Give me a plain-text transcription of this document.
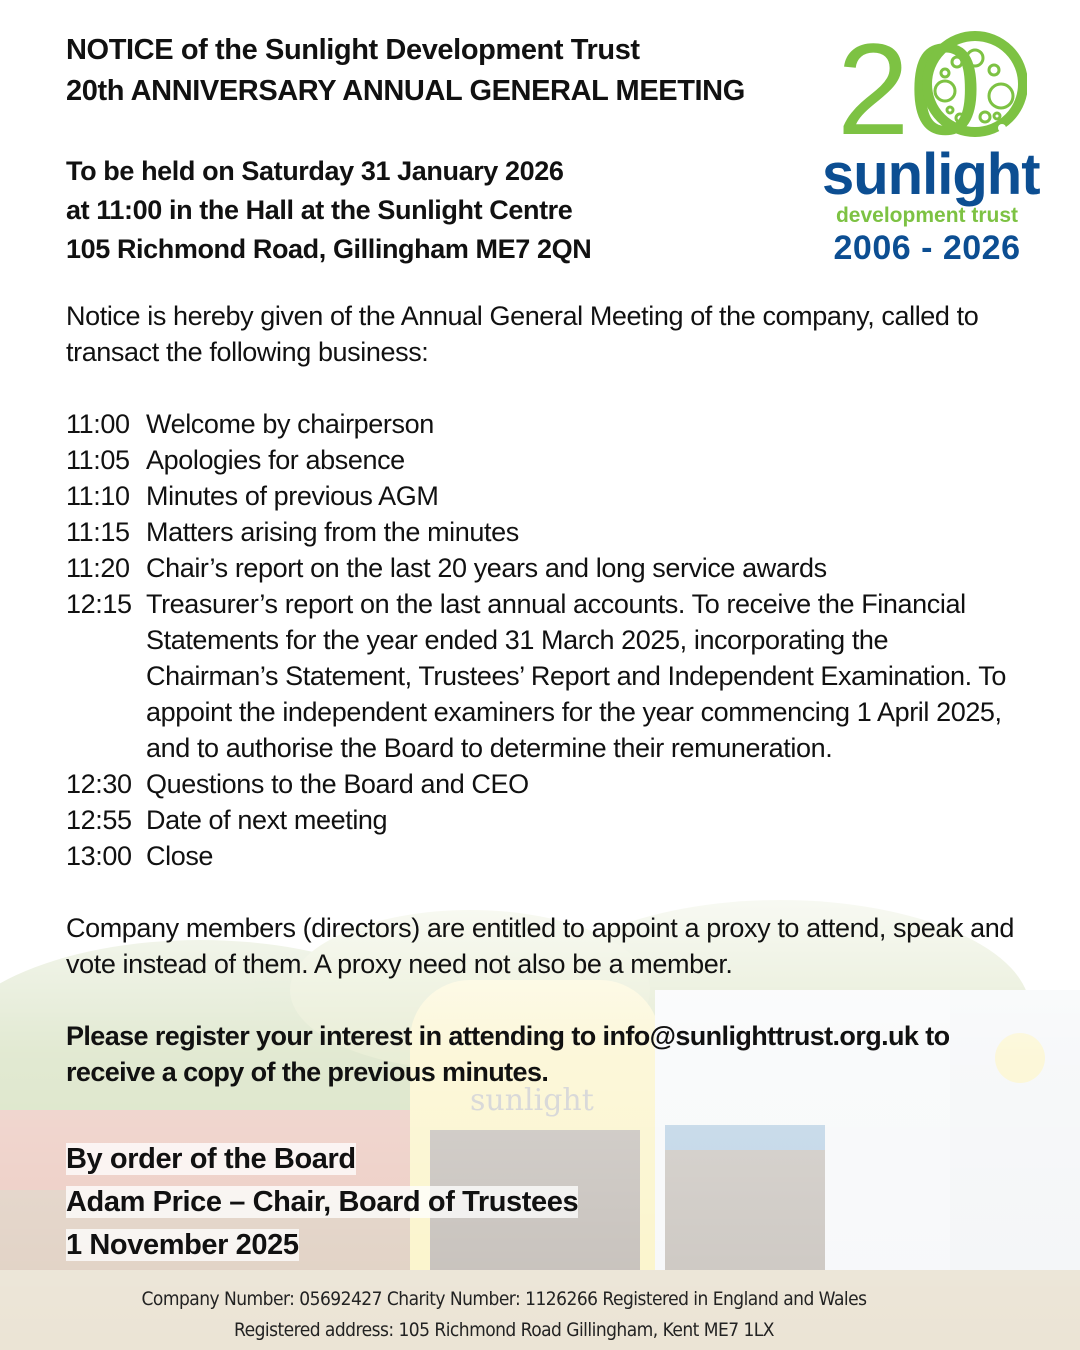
sunlight
NOTICE of the Sunlight Development Trust
20th ANNIVERSARY ANNUAL GENERAL MEETING
To be held on Saturday 31 January 2026
at 11:00 in the Hall at the Sunlight Centre
105 Richmond Road, Gillingham ME7 2QN
20
sunlight
development trust
2006 - 2026
Notice is hereby given of the Annual General Meeting of the company, called to transact the following business:
11:00 Welcome by chairperson
11:05 Apologies for absence
11:10 Minutes of previous AGM
11:15 Matters arising from the minutes
11:20 Chair’s report on the last 20 years and long service awards
12:15 Treasurer’s report on the last annual accounts. To receive the Financial Statements for the year ended 31 March 2025, incorporating the Chairman’s Statement, Trustees’ Report and Independent Examination. To appoint the independent examiners for the year commencing 1 April 2025, and to authorise the Board to determine their remuneration.
12:30 Questions to the Board and CEO
12:55 Date of next meeting
13:00 Close
Company members (directors) are entitled to appoint a proxy to attend, speak and vote instead of them. A proxy need not also be a member.
Please register your interest in attending to info@sunlighttrust.org.uk to receive a copy of the previous minutes.
By order of the Board
Adam Price – Chair, Board of Trustees
1 November 2025
Company Number: 05692427 Charity Number: 1126266 Registered in England and Wales
Registered address: 105 Richmond Road Gillingham, Kent ME7 1LX
